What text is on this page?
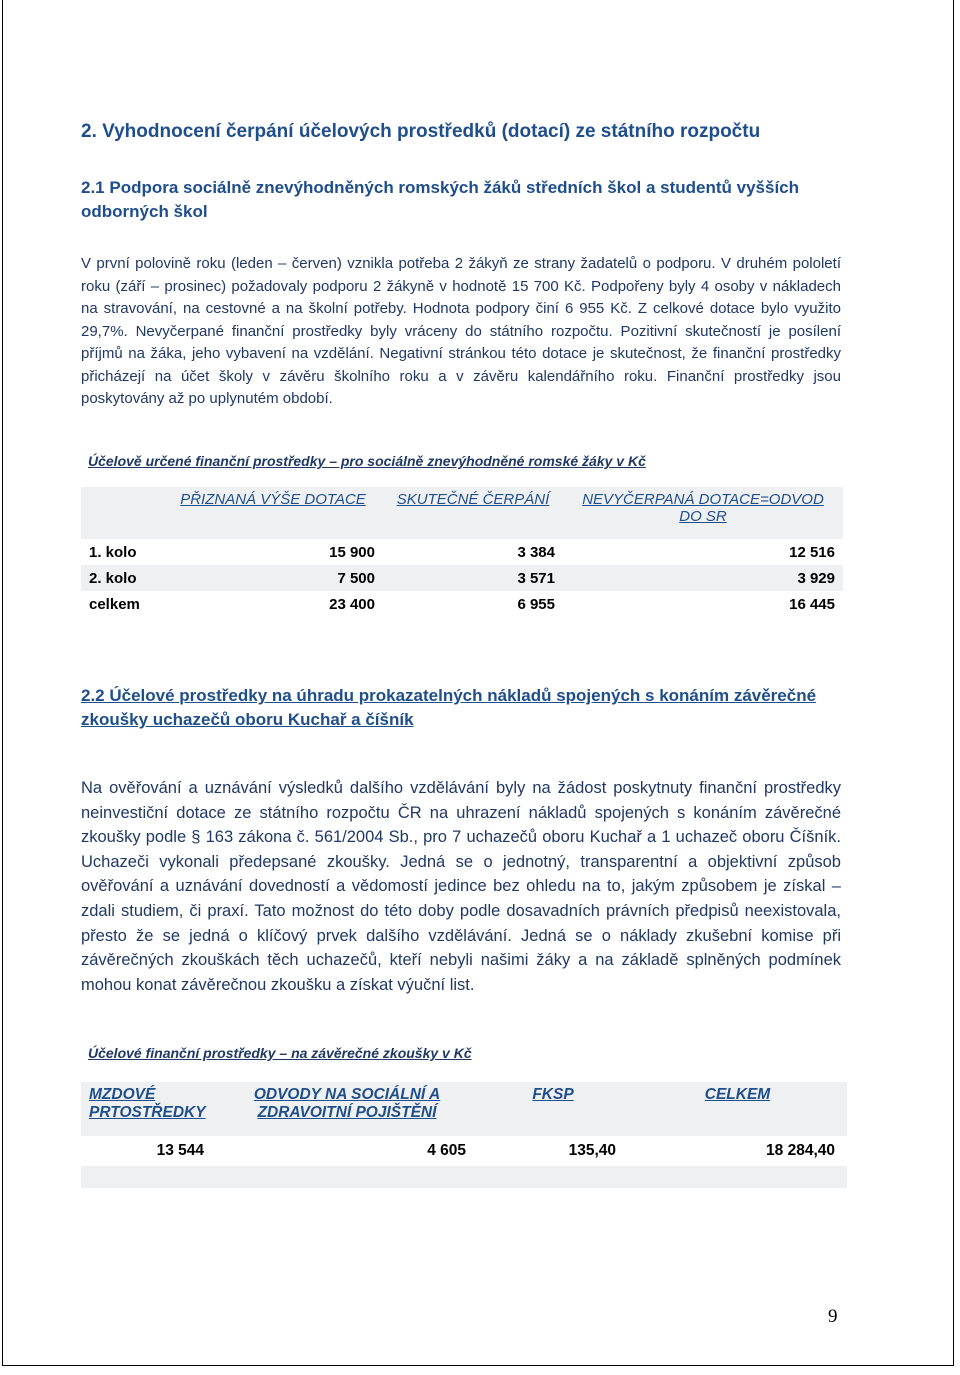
2. Vyhodnocení čerpání účelových prostředků (dotací) ze státního rozpočtu
2.1 Podpora sociálně znevýhodněných romských žáků středních škol a studentů vyšších odborných škol

V první polovině roku (leden – červen) vznikla potřeba 2 žákyň ze strany žadatelů o podporu. V druhém pololetí roku (září – prosinec) požadovaly podporu 2 žákyně v hodnotě 15 700 Kč. Podpořeny byly 4 osoby v nákladech na stravování, na cestovné a na školní potřeby. Hodnota podpory činí 6 955 Kč. Z celkové dotace bylo využito 29,7%. Nevyčerpané finanční prostředky byly vráceny do státního rozpočtu. Pozitivní skutečností je posílení příjmů na žáka, jeho vybavení na vzdělání. Negativní stránkou této dotace je skutečnost, že finanční prostředky přicházejí na účet školy v závěru školního roku a v závěru kalendářního roku. Finanční prostředky jsou poskytovány až po uplynutém období.

Účelově určené finanční prostředky – pro sociálně znevýhodněné romské žáky v Kč

	PŘIZNANÁ VÝŠE DOTACE	SKUTEČNÉ ČERPÁNÍ	NEVYČERPANÁ DOTACE=ODVOD DO SR
1. kolo	15 900	3 384	12 516
2. kolo	7 500	3 571	3 929
celkem	23 400	6 955	16 445
2.2 Účelové prostředky na úhradu prokazatelných nákladů spojených s konáním závěrečné zkoušky uchazečů oboru Kuchař a číšník

Na ověřování a uznávání výsledků dalšího vzdělávání byly na žádost poskytnuty finanční prostředky neinvestiční dotace ze státního rozpočtu ČR na uhrazení nákladů spojených s konáním závěrečné zkoušky podle § 163 zákona č. 561/2004 Sb., pro 7 uchazečů oboru Kuchař a 1 uchazeč oboru Číšník. Uchazeči vykonali předepsané zkoušky. Jedná se o jednotný, transparentní a objektivní způsob ověřování a uznávání dovedností a vědomostí jedince bez ohledu na to, jakým způsobem je získal – zdali studiem, či praxí. Tato možnost do této doby podle dosavadních právních předpisů neexistovala, přesto že se jedná o klíčový prvek dalšího vzdělávání. Jedná se o náklady zkušební komise při závěrečných zkouškách těch uchazečů, kteří nebyli našimi žáky a na základě splněných podmínek mohou konat závěrečnou zkoušku a získat výuční list.

Účelové finanční prostředky – na závěrečné zkoušky v Kč

MZDOVÉ PRTOSTŘEDKY	ODVODY NA SOCIÁLNÍ A ZDRAVOITNÍ POJIŠTĚNÍ	FKSP	CELKEM
13 544	4 605	135,40	18 284,40

9
